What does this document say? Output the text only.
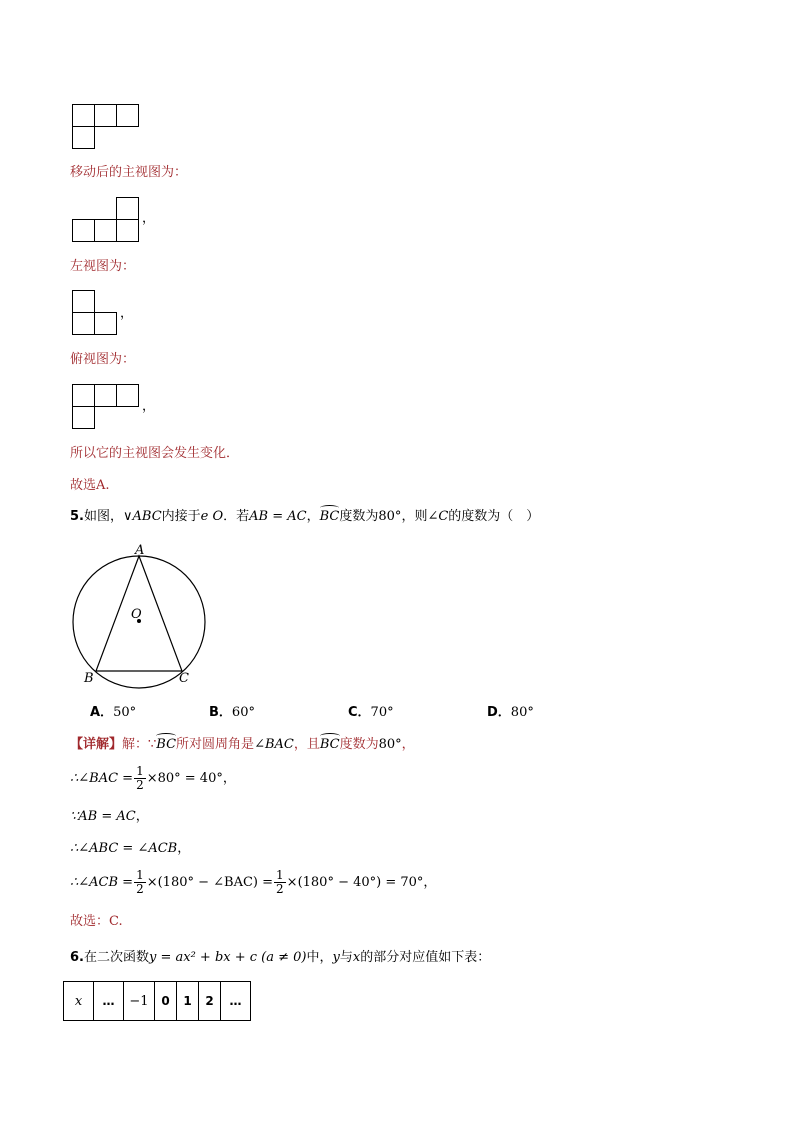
移动后的主视图为：
，
左视图为：
，
俯视图为：
，
所以它的主视图会发生变化．
故选A.
5.如图，∨ABC内接于e O．若AB = AC，BC度数为80°，则∠C的度数为（　）
A
O
B	C
A．50°	B．60°	C．70°	D．80°
【详解】解：∵BC所对圆周角是∠BAC，且BC度数为80°，
∴∠BAC = $\frac{1}{2} \times 80^\circ = 40^\circ$，
∵AB = AC，
∴∠ABC = ∠ACB，
∴∠ACB = $\frac{1}{2} \times(180^\circ$ − ∠BAC) = $\frac{1}{2} \times(180^\circ - 40^\circ) = 70^\circ$，
故选：C.
6.在二次函数y = ax² + bx + c (a ≠ 0)中，y与x的部分对应值如下表：
x	…	−1	0	1	2	…
